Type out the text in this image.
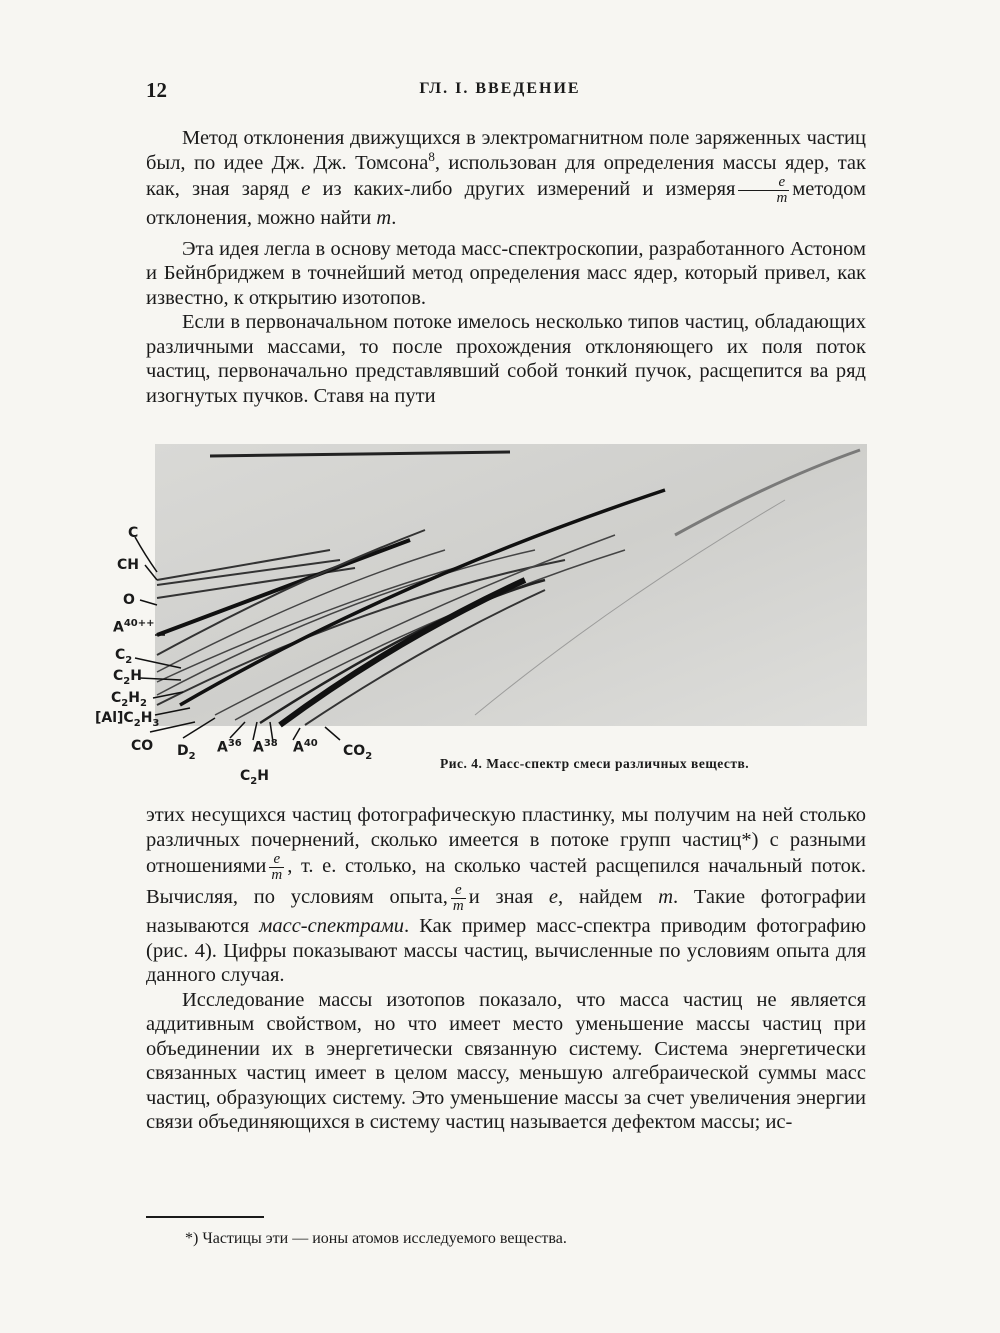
12	ГЛ. I. ВВЕДЕНИЕ

Метод отклонения движущихся в электромагнитном поле заряженных частиц был, по идее Дж. Дж. Томсона$^8$, использован для определения массы ядер, так как, зная заряд e из каких-либо других измерений и измеряя $\frac{e}{m}$ методом отклонения, можно найти m.

Эта идея легла в основу метода масс-спектроскопии, разработанного Астоном и Бейнбриджем в точнейший метод определения масс ядер, который привел, как известно, к открытию изотопов.

Если в первоначальном потоке имелось несколько типов частиц, обладающих различными массами, то после прохождения отклоняющего их поля поток частиц, первоначально представлявший собой тонкий пучок, расщепится ва ряд изогнутых пучков. Ставя на пути

C
CH
O
$A^{40++}$
$C_2$
$C_2H$
$C_2H_2$
$[Al]C_2H_3$
CO $D_2$
$A^{36}$ $A^{38}$ $A^{40}$ $CO_2$
$C_2H$
Рис. 4. Масс-спектр смеси различных веществ.

этих несущихся частиц фотографическую пластинку, мы получим на ней столько различных почернений, сколько имеется в потоке групп частиц*) с разными отношениями $\frac{e}{m}$ , т. е. столько, на сколько частей расщепился начальный поток. Вычисляя, по условиям опыта, $\frac{e}{m}$ и зная e, найдем m. Такие фотографии называются масс-спектрами. Как пример масс-спектра приводим фотографию (рис. 4). Цифры показывают массы частиц, вычисленные по условиям опыта для данного случая.

Исследование массы изотопов показало, что масса частиц не является аддитивным свойством, но что имеет место уменьшение массы частиц при объединении их в энергетически связанную систему. Система энергетически связанных частиц имеет в целом массу, меньшую алгебраической суммы масс частиц, образующих систему. Это уменьшение массы за счет увеличения энергии связи объединяющихся в систему частиц называется дефектом массы; ис-

*) Частицы эти — ионы атомов исследуемого вещества.
